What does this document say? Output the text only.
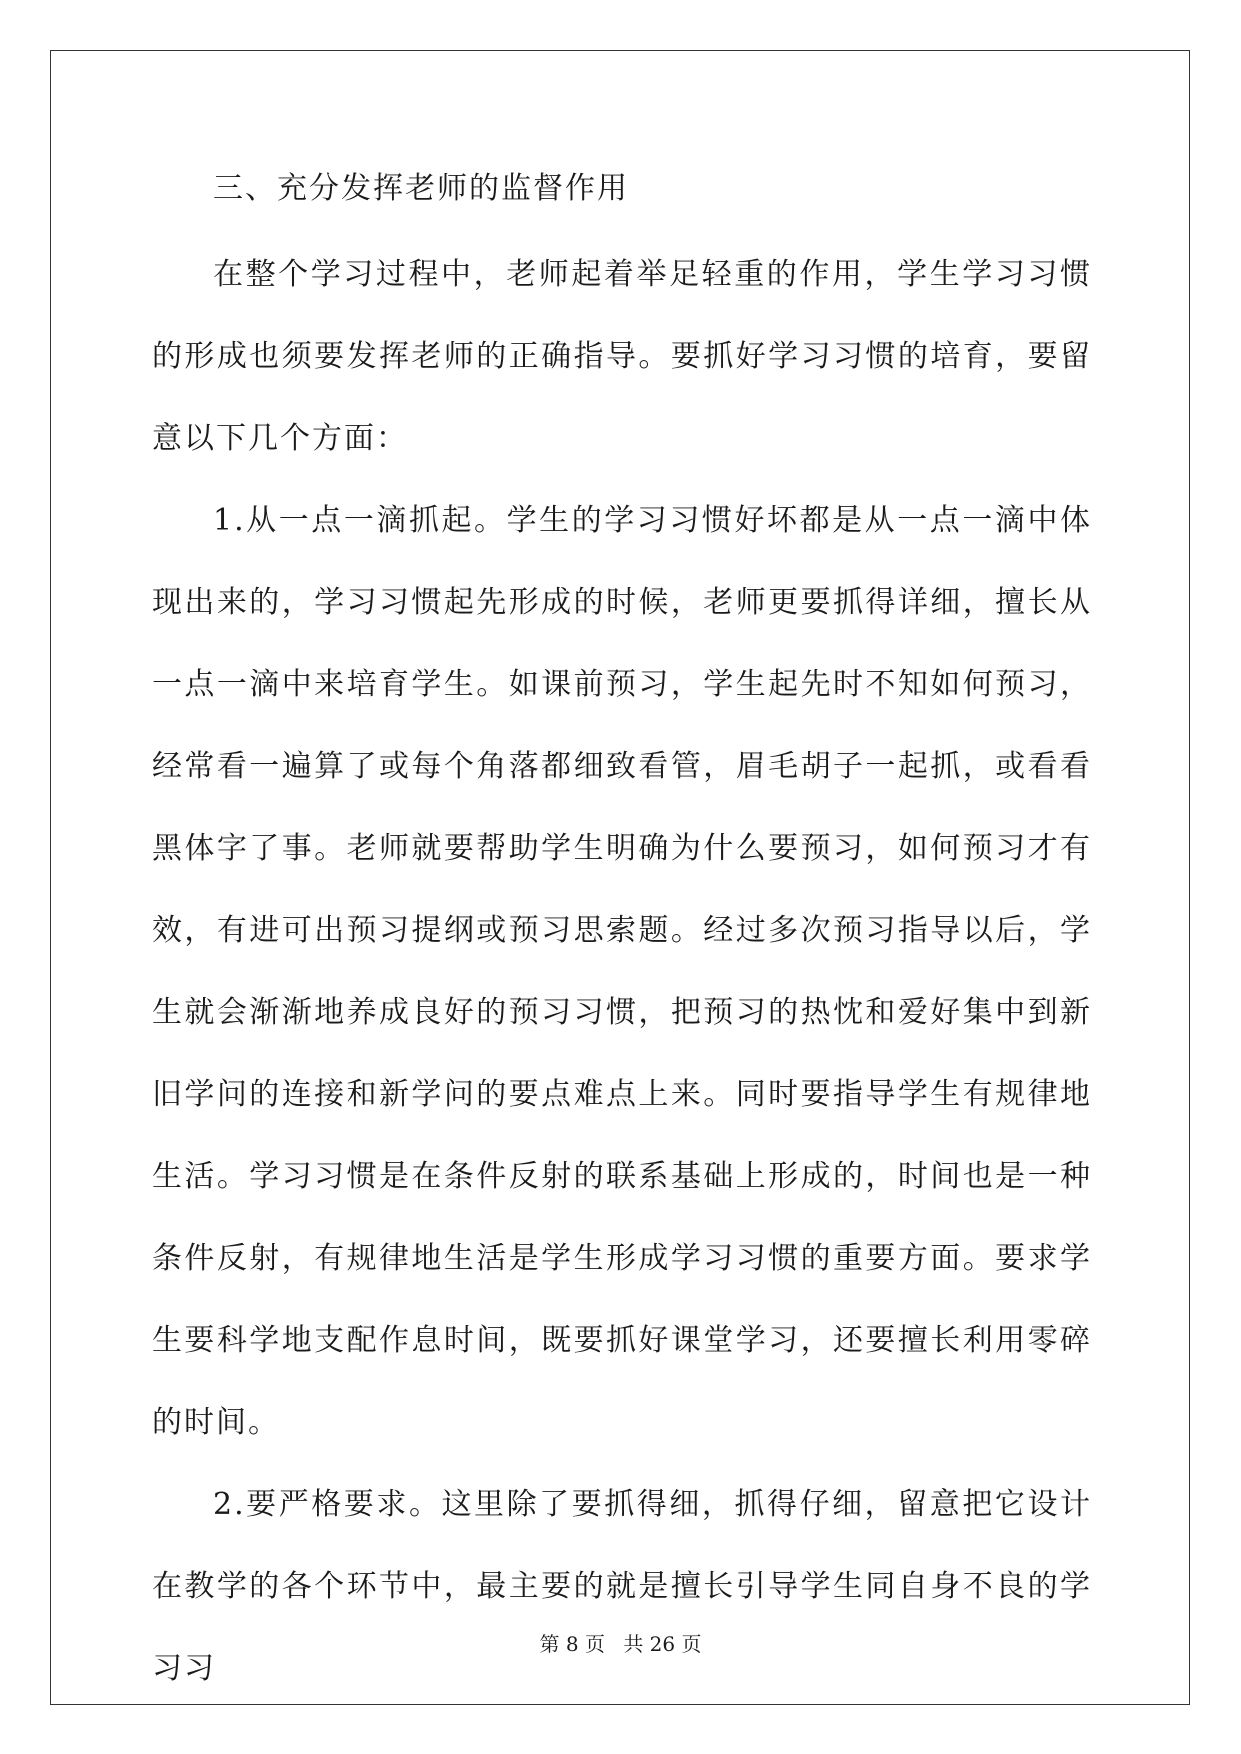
三、充分发挥老师的监督作用

在整个学习过程中，老师起着举足轻重的作用，学生学习习惯的形成也须要发挥老师的正确指导。要抓好学习习惯的培育，要留意以下几个方面：

1.从一点一滴抓起。学生的学习习惯好坏都是从一点一滴中体现出来的，学习习惯起先形成的时候，老师更要抓得详细，擅长从一点一滴中来培育学生。如课前预习，学生起先时不知如何预习，经常看一遍算了或每个角落都细致看管，眉毛胡子一起抓，或看看黑体字了事。老师就要帮助学生明确为什么要预习，如何预习才有效，有进可出预习提纲或预习思索题。经过多次预习指导以后，学生就会渐渐地养成良好的预习习惯，把预习的热忱和爱好集中到新旧学问的连接和新学问的要点难点上来。同时要指导学生有规律地生活。学习习惯是在条件反射的联系基础上形成的，时间也是一种条件反射，有规律地生活是学生形成学习习惯的重要方面。要求学生要科学地支配作息时间，既要抓好课堂学习，还要擅长利用零碎的时间。

2.要严格要求。这里除了要抓得细，抓得仔细，留意把它设计在教学的各个环节中，最主要的就是擅长引导学生同自身不良的学习习

第 8 页 共 26 页
